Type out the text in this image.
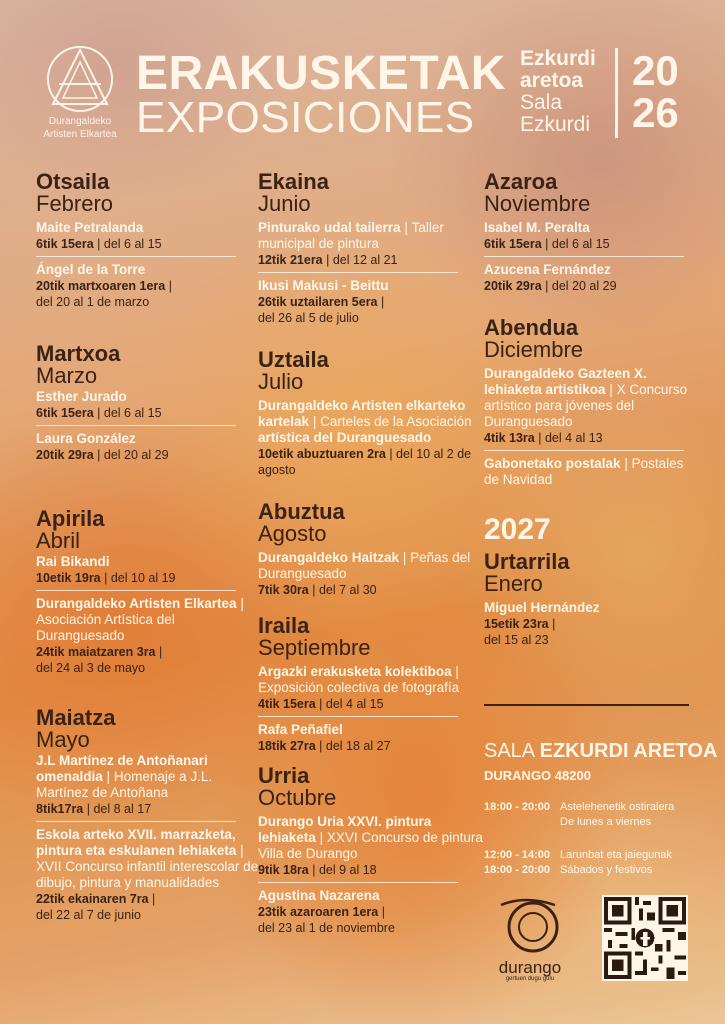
Durangaldeko
Artisten Elkartea
ERAKUSKETAK
EXPOSICIONES
Ezkurdi
aretoa
Sala
Ezkurdi
20
26
Otsaila
Febrero
Maite Petralanda
6tik 15era | del 6 al 15
Ángel de la Torre
20tik martxoaren 1era |
del 20 al 1 de marzo
Martxoa
Marzo
Esther Jurado
6tik 15era | del 6 al 15
Laura González
20tik 29ra | del 20 al 29
Apirila
Abril
Rai Bikandi
10etik 19ra | del 10 al 19
Durangaldeko Artisten Elkartea | Asociación Artística del Duranguesado
24tik maiatzaren 3ra |
del 24 al 3 de mayo
Maiatza
Mayo
J.L Martínez de Antoñanari omenaldia | Homenaje a J.L. Martínez de Antoñana
8tik17ra | del 8 al 17
Eskola arteko XVII. marrazketa, pintura eta eskulanen lehiaketa | XVII Concurso infantil interescolar de dibujo, pintura y manualidades
22tik ekainaren 7ra |
del 22 al 7 de junio
Ekaina
Junio
Pinturako udal tailerra | Taller municipal de pintura
12tik 21era | del 12 al 21
Ikusi Makusi - Beittu
26tik uztailaren 5era |
del 26 al 5 de julio
Uztaila
Julio
Durangaldeko Artisten elkarteko kartelak | Carteles de la Asociación artística del Duranguesado
10etik abuztuaren 2ra | del 10 al 2 de agosto
Abuztua
Agosto
Durangaldeko Haitzak | Peñas del Duranguesado
7tik 30ra | del 7 al 30
Iraila
Septiembre
Argazki erakusketa kolektiboa | Exposición colectiva de fotografía
4tik 15era | del 4 al 15
Rafa Peñafiel
18tik 27ra | del 18 al 27
Urria
Octubre
Durango Uria XXVI. pintura lehiaketa | XXVI Concurso de pintura Villa de Durango
9tik 18ra | del 9 al 18
Agustina Nazarena
23tik azaroaren 1era |
del 23 al 1 de noviembre
Azaroa
Noviembre
Isabel M. Peralta
6tik 15era | del 6 al 15
Azucena Fernández
20tik 29ra | del 20 al 29
Abendua
Diciembre
Durangaldeko Gazteen X. lehiaketa artistikoa | X Concurso artístico para jóvenes del Duranguesado
4tik 13ra | del 4 al 13
Gabonetako postalak | Postales de Navidad
2027
Urtarrila
Enero
Miguel Hernández
15etik 23ra |
del 15 al 23
SALA EZKURDI ARETOA
DURANGO 48200
18:00 - 20:00 Astelehenetik ostiralera
De lunes a viernes
12:00 - 14:00 Larunbat eta jaiegunak
18:00 - 20:00 Sábados y festivos
durango
gertuen dugu gulu
